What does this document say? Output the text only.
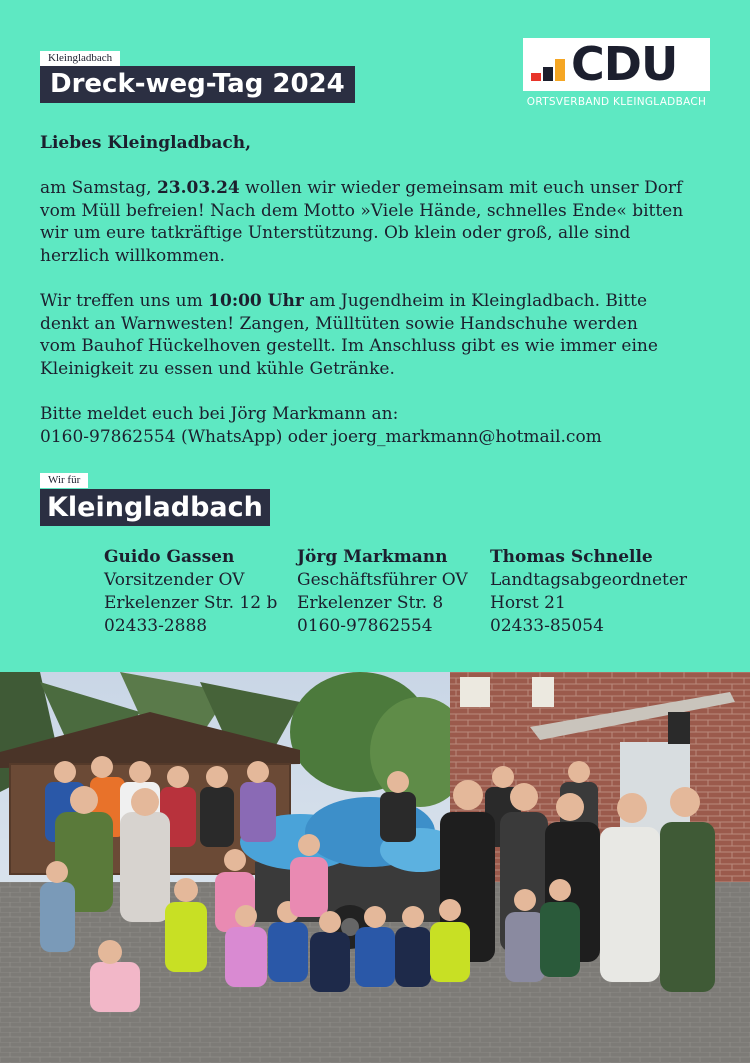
Kleingladbach
Dreck-weg-Tag 2024	CDU
ORTSVERBAND KLEINGLADBACH

Liebes Kleingladbach,

am Samstag, 23.03.24 wollen wir wieder gemeinsam mit euch unser Dorf vom Müll befreien! Nach dem Motto »Viele Hände, schnelles Ende« bitten wir um eure tatkräftige Unterstützung. Ob klein oder groß, alle sind herzlich willkommen.

Wir treffen uns um 10:00 Uhr am Jugendheim in Kleingladbach. Bitte denkt an Warnwesten! Zangen, Mülltüten sowie Handschuhe werden vom Bauhof Hückelhoven gestellt. Im Anschluss gibt es wie immer eine Kleinigkeit zu essen und kühle Getränke.

Bitte meldet euch bei Jörg Markmann an:

0160-97862554 (WhatsApp) oder joerg_markmann@hotmail.com

Wir für
Kleingladbach
Guido Gassen
Vorsitzender OV
Erkelenzer Str. 12 b
02433-2888
Jörg Markmann
Geschäftsführer OV
Erkelenzer Str. 8
0160-97862554
Thomas Schnelle
Landtagsabgeordneter
Horst 21
02433-85054
